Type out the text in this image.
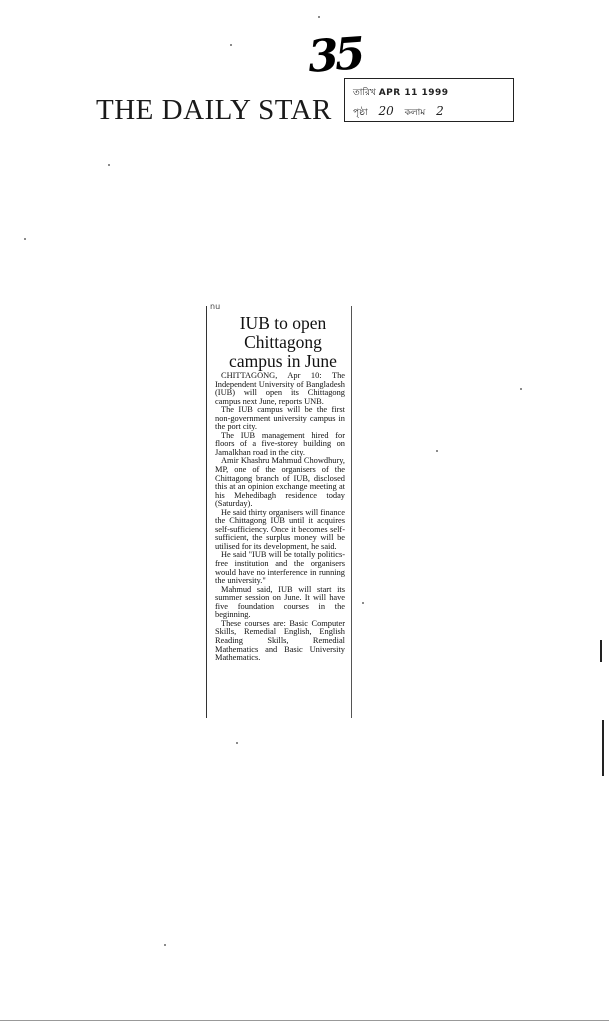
35
THE DAILY STAR
তারিখ APR 11 1999
পৃষ্ঠা 20 কলাম 2
nu
IUB to open Chittagong campus in June

CHITTAGONG, Apr 10: The Independent University of Bangladesh (IUB) will open its Chittagong campus next June, reports UNB.

The IUB campus will be the first non-government university campus in the port city.

The IUB management hired for floors of a five-storey building on Jamalkhan road in the city.

Amir Khashru Mahmud Chowdhury, MP, one of the organisers of the Chittagong branch of IUB, disclosed this at an opinion exchange meeting at his Mehedibagh residence today (Saturday).

He said thirty organisers will finance the Chittagong IUB until it acquires self-sufficiency. Once it becomes self-sufficient, the surplus money will be utilised for its development, he said.

He said "IUB will be totally politics-free institution and the organisers would have no interference in running the university."

Mahmud said, IUB will start its summer session on June. It will have five foundation courses in the beginning.

These courses are: Basic Computer Skills, Remedial English, English Reading Skills, Remedial Mathematics and Basic University Mathematics.
